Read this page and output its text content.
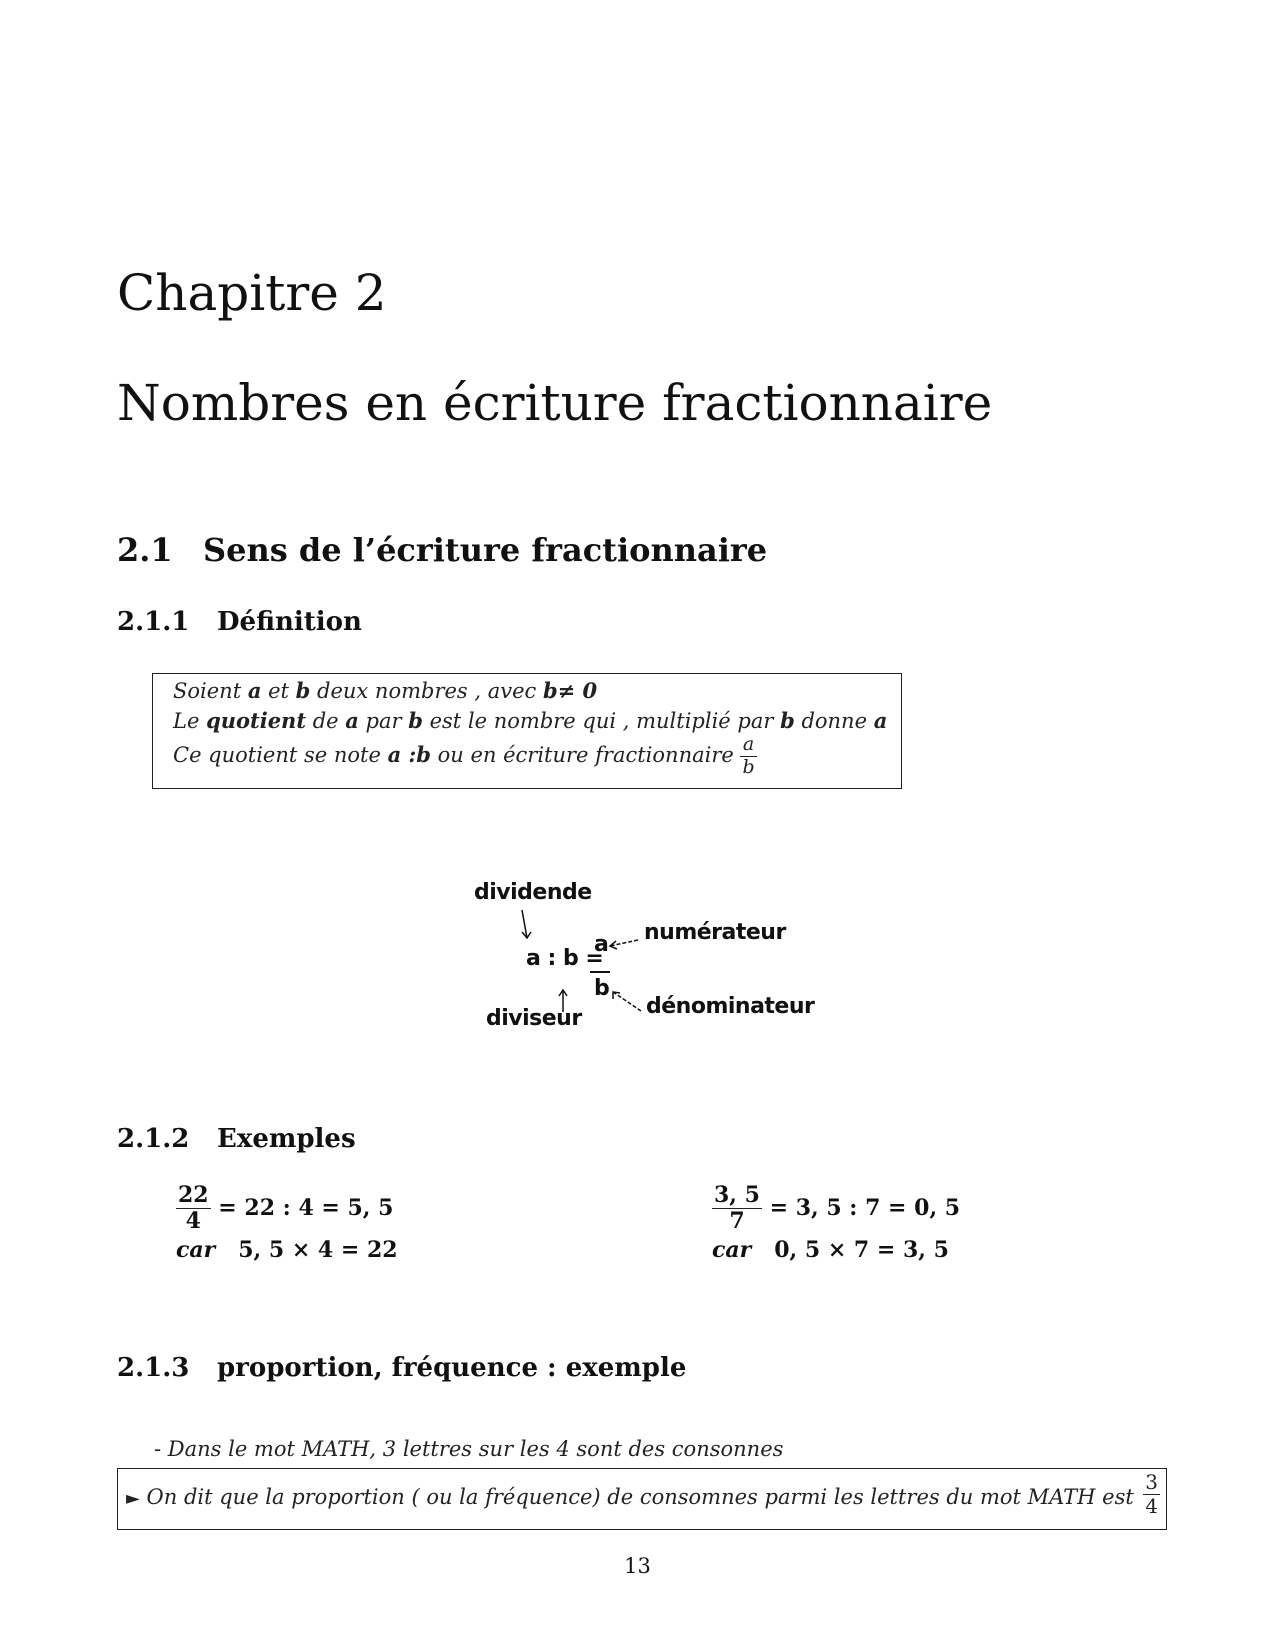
Chapitre 2
Nombres en écriture fractionnaire
2.1 Sens de l’écriture fractionnaire
2.1.1 Définition
Soient a et b deux nombres , avec b≠ 0
Le quotient de a par b est le nombre qui , multiplié par b donne a
Ce quotient se note a :b ou en écriture fractionnaire $\frac{a}{b}$
dividende
a : b =
a
b
numérateur
diviseur	dénominateur
2.1.2 Exemples
$\frac{22}{4} = 22$ : 4 = 5, 5
car 5, 5 × 4 = 22
$\frac{3, 5}{7} = 3$, 5 : 7 = 0, 5
car 0, 5 × 7 = 3, 5
2.1.3 proportion, fréquence : exemple
- Dans le mot MATH, 3 lettres sur les 4 sont des consonnes
► On dit que la proportion ( ou la fréquence) de consomnes parmi les lettres du mot MATH est $\frac{3}{4}$
13
